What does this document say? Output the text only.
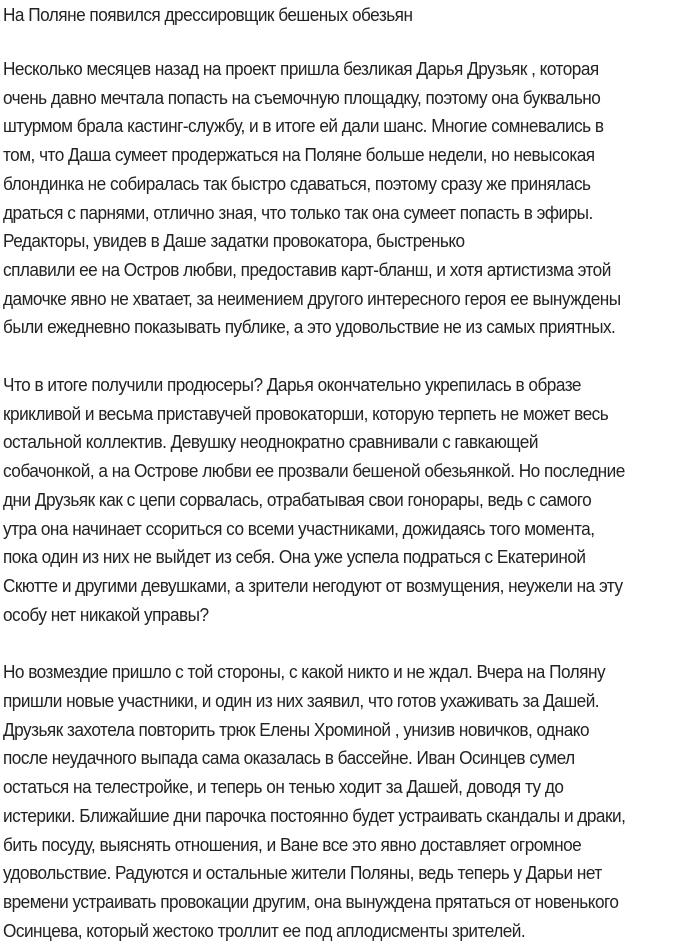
На Поляне появился дрессировщик бешеных обезьян

Несколько месяцев назад на проект пришла безликая Дарья Друзьяк , которая
очень давно мечтала попасть на съемочную площадку, поэтому она буквально
штурмом брала кастинг-службу, и в итоге ей дали шанс. Многие сомневались в
том, что Даша сумеет продержаться на Поляне больше недели, но невысокая
блондинка не собиралась так быстро сдаваться, поэтому сразу же принялась
драться с парнями, отлично зная, что только так она сумеет попасть в эфиры.
Редакторы, увидев в Даше задатки провокатора, быстренько
сплавили ее на Остров любви, предоставив карт-бланш, и хотя артистизма этой
дамочке явно не хватает, за неимением другого интересного героя ее вынуждены
были ежедневно показывать публике, а это удовольствие не из самых приятных.

Что в итоге получили продюсеры? Дарья окончательно укрепилась в образе
крикливой и весьма приставучей провокаторши, которую терпеть не может весь
остальной коллектив. Девушку неоднократно сравнивали с гавкающей
собачонкой, а на Острове любви ее прозвали бешеной обезьянкой. Но последние
дни Друзьяк как с цепи сорвалась, отрабатывая свои гонорары, ведь с самого
утра она начинает ссориться со всеми участниками, дожидаясь того момента,
пока один из них не выйдет из себя. Она уже успела подраться с Екатериной
Скютте и другими девушками, а зрители негодуют от возмущения, неужели на эту
особу нет никакой управы?

Но возмездие пришло с той стороны, с какой никто и не ждал. Вчера на Поляну
пришли новые участники, и один из них заявил, что готов ухаживать за Дашей.
Друзьяк захотела повторить трюк Елены Хроминой , унизив новичков, однако
после неудачного выпада сама оказалась в бассейне. Иван Осинцев сумел
остаться на телестройке, и теперь он тенью ходит за Дашей, доводя ту до
истерики. Ближайшие дни парочка постоянно будет устраивать скандалы и драки,
бить посуду, выяснять отношения, и Ване все это явно доставляет огромное
удовольствие. Радуются и остальные жители Поляны, ведь теперь у Дарьи нет
времени устраивать провокации другим, она вынуждена прятаться от новенького
Осинцева, который жестоко троллит ее под аплодисменты зрителей.
